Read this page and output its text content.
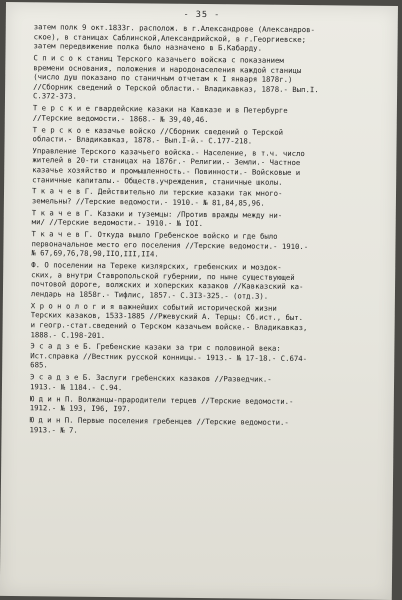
- 35 -
затем полк 9 окт.1833г. располож. в г.Александрове (Александров-
ское), в станицах Саблинской,Александрийской, в г.Георгиевске;
затем передвижение полка было назначено в Б.Кабарду.
С п и с о к станиц Терского казачьего войска с показанием
времени основания, положения и народонаселения каждой станицы
(число душ показано по станичным отчетам к I января 1878г.)
//Сборник сведений о Терской области.- Владикавказ, 1878.- Вып.I.
С.372-373.
Т е р с к и е гвардейские казаки на Кавказе и в Петербурге
//Терские ведомости.- 1868.- № 39,40,46.
Т е р с к о е казачье войско //Сборник сведений о Терской
области.- Владикавказ, 1878.- Вып.I-й.- С.177-218.
Управление Терского казачьего войска.- Население, в т.ч. число
жителей в 20-ти станицах на 1876г.- Религии.- Земли.- Частное
казачье хозяйство и промышленность.- Повинности.- Войсковые и
станичные капиталы.- Обществ.учреждения, станичные школы.
Т к а ч е в Г. Действительно ли терские казаки так много-
земельны? //Терские ведомости.- 1910.- № 81,84,85,96.
Т к а ч е в Г. Казаки и туземцы: /Против вражды между ни-
ми/ //Терские ведомости.- 1910.- № IOI.
Т к а ч е в Г. Откуда вышло Гребенское войско и где было
первоначальное место его поселения //Терские ведомости.- 1910.-
№ 67,69,76,78,90,IIO,III,II4.
Ф. О поселении на Тереке кизлярских, гребенских и моздок-
ских, а внутри Ставропольской губернии, по ныне существующей
почтовой дороге, волжских и хоперских казаков //Кавказский ка-
лендарь на 1858г.- Тифлис, 1857.- С.3I3-325.- (отд.3).
Х р о н о л о г и я важнейших событий исторической жизни
Терских казаков, 1533-1885 //Ржевуский А. Терцы: Сб.ист., быт.
и геогр.-стат.сведений о Терском казачьем войске.- Владикавказ,
1888.- С.198-201.
Э с а д з е Б. Гребенские казаки за три с половиной века:
Ист.справка //Вестник русской конницы.- 1913.- № 17-18.- С.674-
685.
Э с а д з е Б. Заслуги гребенских казаков //Разведчик.-
1913.- № 1184.- С.94.
Ю д и н П. Волжанцы-прародители терцев //Терские ведомости.-
1912.- № 193, I96, I97.
Ю д и н П. Первые поселения гребенцев //Терские ведомости.-
1913.- № 7.
